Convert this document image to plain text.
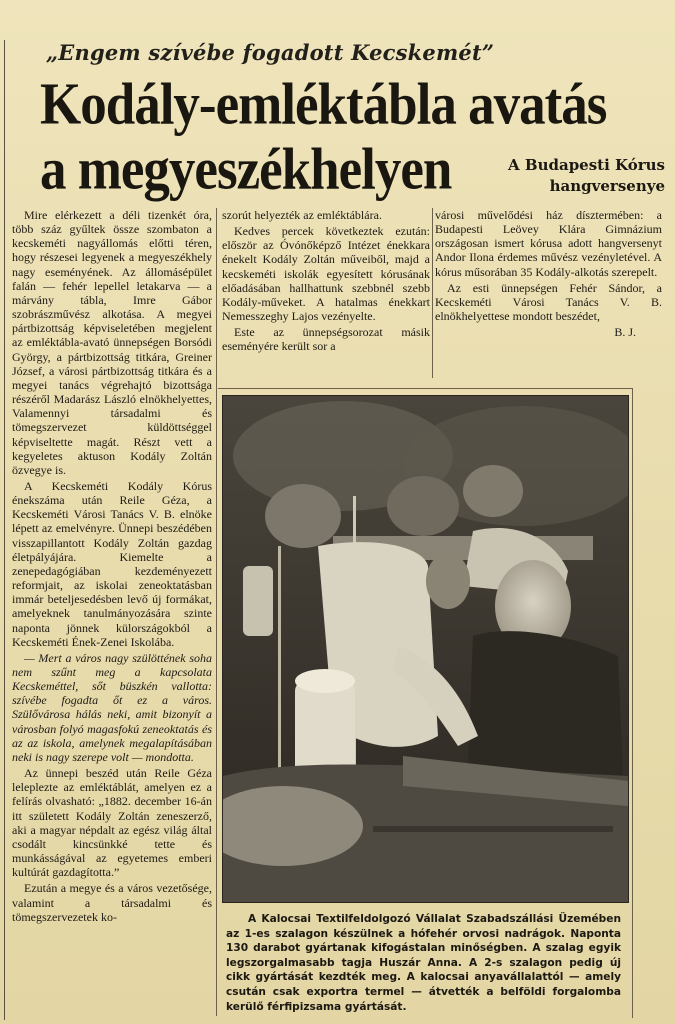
„Engem szívébe fogadott Kecskemét”
Kodály-emléktábla avatás
a megyeszékhelyen	A Budapesti Kórus
hangversenye

Mire elérkezett a déli tizenkét óra, több száz gyűltek össze szombaton a kecskeméti nagyállomás előtti téren, hogy részesei legyenek a megyeszékhely nagy eseményének. Az állomásépület falán — fehér lepellel letakarva — a márvány tábla, Imre Gábor szobrászművész alkotása. A megyei pártbizottság képviseletében megjelent az emléktábla-avató ünnepségen Borsódi György, a pártbizottság titkára, Greiner József, a városi pártbizottság titkára és a megyei tanács végrehajtó bizottsága részéről Madarász László elnökhelyettes, Valamennyi társadalmi és tömegszervezet küldöttséggel képviseltette magát. Részt vett a kegyeletes aktuson Kodály Zoltán özvegye is.

A Kecskeméti Kodály Kórus énekszáma után Reile Géza, a Kecskeméti Városi Tanács V. B. elnöke lépett az emelvényre. Ünnepi beszédében visszapillantott Kodály Zoltán gazdag életpályájára. Kiemelte a zenepedagógiában kezdeményezett reformjait, az iskolai zeneoktatásban immár beteljesedésben levő új formákat, amelyeknek tanulmányozására szinte naponta jönnek külországokból a Kecskeméti Ének-Zenei Iskolába.

— Mert a város nagy szülöttének soha nem szűnt meg a kapcsolata Kecskeméttel, sőt büszkén vallotta: szívébe fogadta őt ez a város. Szülővárosa hálás neki, amit bizonyít a városban folyó magasfokú zeneoktatás és az az iskola, amelynek megalapításában neki is nagy szerepe volt — mondotta.

Az ünnepi beszéd után Reile Géza leleplezte az emléktáblát, amelyen ez a felírás olvasható: „1882. december 16-án itt született Kodály Zoltán zeneszerző, aki a magyar népdalt az egész világ által csodált kincsünkké tette és munkásságával az egyetemes emberi kultúrát gazdagította.”

Ezután a megye és a város vezetősége, valamint a társadalmi és tömegszervezetek ko-

szorút helyezték az emléktáblára.

Kedves percek következtek ezután: először az Óvónőképző Intézet énekkara énekelt Kodály Zoltán műveiből, majd a kecskeméti iskolák egyesített kórusának előadásában hallhattunk szebbnél szebb Kodály-műveket. A hatalmas énekkart Nemesszeghy Lajos vezényelte.

Este az ünnepségsorozat másik eseményére került sor a

városi művelődési ház dísztermében: a Budapesti Leövey Klára Gimnázium országosan ismert kórusa adott hangversenyt Andor Ilona érdemes művész vezényletével. A kórus műsorában 35 Kodály-alkotás szerepelt.

Az esti ünnepségen Fehér Sándor, a Kecskeméti Városi Tanács V. B. elnökhelyettese mondott beszédet,

B. J.
A Kalocsai Textilfeldolgozó Vállalat Szabadszállási Üzemében az 1-es szalagon készülnek a hófehér orvosi nadrágok. Naponta 130 darabot gyártanak kifogástalan minőségben. A szalag egyik legszorgalmasabb tagja Huszár Anna. A 2-s szalagon pedig új cikk gyártását kezdték meg. A kalocsai anyavállalattól — amely csután csak exportra termel — átvették a belföldi forgalomba kerülő férfipizsama gyártását.
